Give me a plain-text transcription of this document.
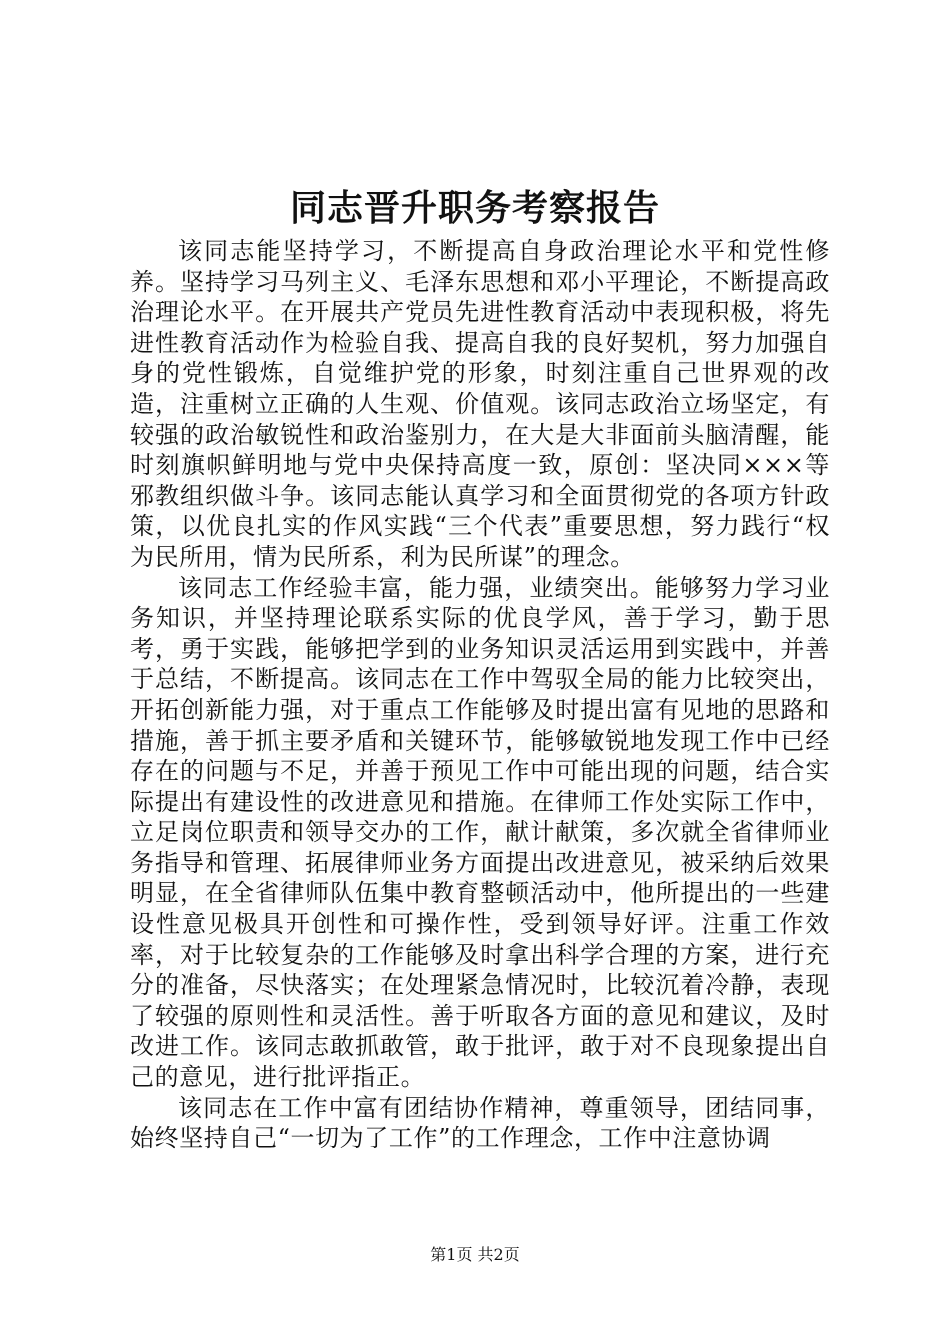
同志晋升职务考察报告

该同志能坚持学习，不断提高自身政治理论水平和党性修养。坚持学习马列主义、毛泽东思想和邓小平理论，不断提高政治理论水平。在开展共产党员先进性教育活动中表现积极，将先进性教育活动作为检验自我、提高自我的良好契机，努力加强自身的党性锻炼，自觉维护党的形象，时刻注重自己世界观的改造，注重树立正确的人生观、价值观。该同志政治立场坚定，有较强的政治敏锐性和政治鉴别力，在大是大非面前头脑清醒，能时刻旗帜鲜明地与党中央保持高度一致，原创：坚决同×××等邪教组织做斗争。该同志能认真学习和全面贯彻党的各项方针政策，以优良扎实的作风实践“三个代表”重要思想，努力践行“权为民所用，情为民所系，利为民所谋”的理念。

该同志工作经验丰富，能力强，业绩突出。能够努力学习业务知识，并坚持理论联系实际的优良学风，善于学习，勤于思考，勇于实践，能够把学到的业务知识灵活运用到实践中，并善于总结，不断提高。该同志在工作中驾驭全局的能力比较突出，开拓创新能力强，对于重点工作能够及时提出富有见地的思路和措施，善于抓主要矛盾和关键环节，能够敏锐地发现工作中已经存在的问题与不足，并善于预见工作中可能出现的问题，结合实际提出有建设性的改进意见和措施。在律师工作处实际工作中，立足岗位职责和领导交办的工作，献计献策，多次就全省律师业务指导和管理、拓展律师业务方面提出改进意见，被采纳后效果明显，在全省律师队伍集中教育整顿活动中，他所提出的一些建设性意见极具开创性和可操作性，受到领导好评。注重工作效率，对于比较复杂的工作能够及时拿出科学合理的方案，进行充分的准备，尽快落实；在处理紧急情况时，比较沉着冷静，表现了较强的原则性和灵活性。善于听取各方面的意见和建议，及时改进工作。该同志敢抓敢管，敢于批评，敢于对不良现象提出自己的意见，进行批评指正。

该同志在工作中富有团结协作精神，尊重领导，团结同事，始终坚持自己“一切为了工作”的工作理念，工作中注意协调

第1页 共2页
